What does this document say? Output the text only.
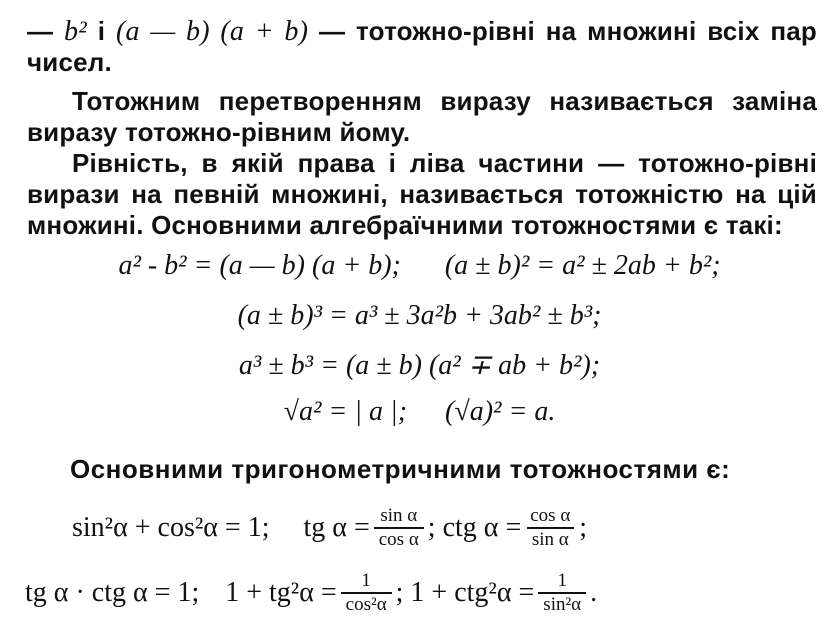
— b² і (a — b) (a + b) — тотожно-рівні на множині всіх пар чисел.
Тотожним перетворенням виразу називається заміна виразу тотожно-рівним йому.
Рівність, в якій права і ліва частини — тотожно-рівні вирази на певній множині, називається тотожністю на цій множині. Основними алгебраїчними тотожностями є такі:
a² - b² = (a — b) (a + b); (a ± b)² = a² ± 2ab + b²;
(a ± b)³ = a³ ± 3a²b + 3ab² ± b³;
a³ ± b³ = (a ± b) (a² ∓ ab + b²);
√a² = | a |; (√a)² = a.
Основними тригонометричними тотожностями є:
sin²α + cos²α = 1; tg $\alpha = \frac{\text{sin α}}{\text{cos α}}$ ; ctg $\alpha = \frac{\text{cos α}}{\text{sin α}}$ ;
tg α · ctg α = 1; $1 + tg^2\alpha = \frac{1}{\text{cos²α}}$ ; $1 + ctg^2\alpha = \frac{1}{\text{sin²α}}$ .
